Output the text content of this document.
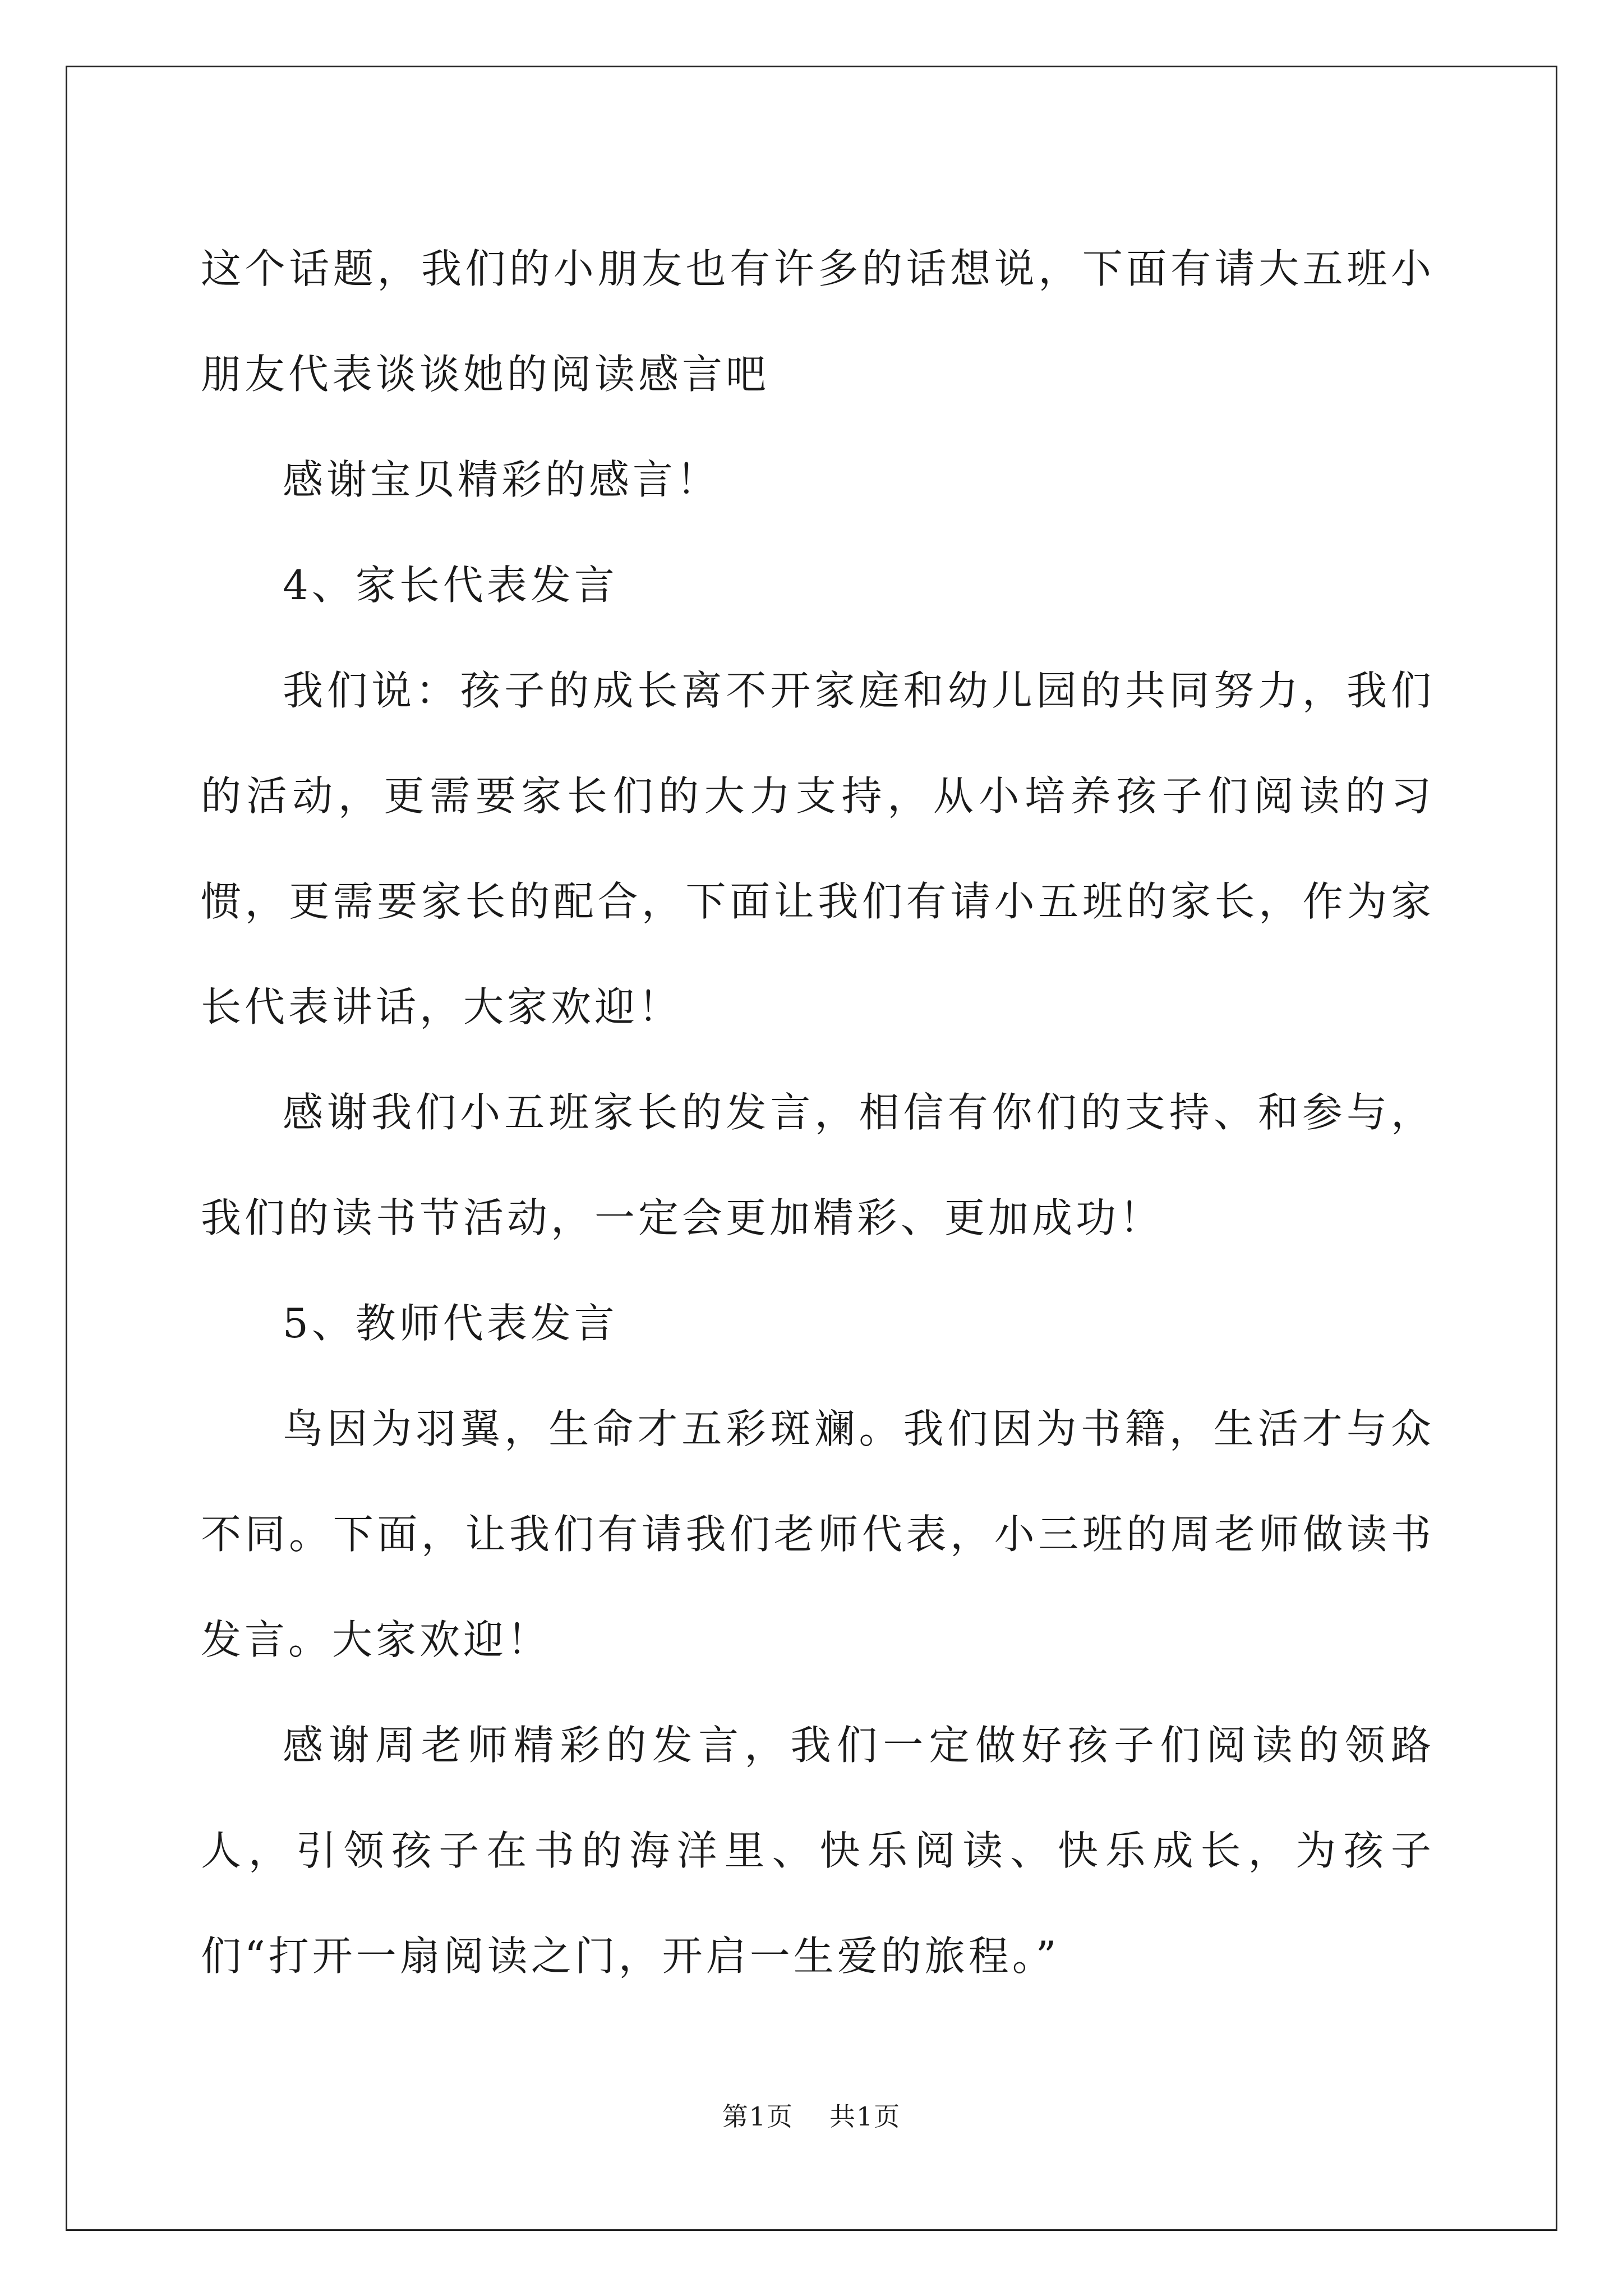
这个话题，我们的小朋友也有许多的话想说，下面有请大五班小朋友代表谈谈她的阅读感言吧

感谢宝贝精彩的感言！

4、家长代表发言

我们说：孩子的成长离不开家庭和幼儿园的共同努力，我们的活动，更需要家长们的大力支持，从小培养孩子们阅读的习惯，更需要家长的配合，下面让我们有请小五班的家长，作为家长代表讲话，大家欢迎！

感谢我们小五班家长的发言，相信有你们的支持、和参与，我们的读书节活动，一定会更加精彩、更加成功！

5、教师代表发言

鸟因为羽翼，生命才五彩斑斓。我们因为书籍，生活才与众不同。下面，让我们有请我们老师代表，小三班的周老师做读书发言。大家欢迎！

感谢周老师精彩的发言，我们一定做好孩子们阅读的领路人，引领孩子在书的海洋里、快乐阅读、快乐成长，为孩子们“打开一扇阅读之门，开启一生爱的旅程。”

第1页 共1页
